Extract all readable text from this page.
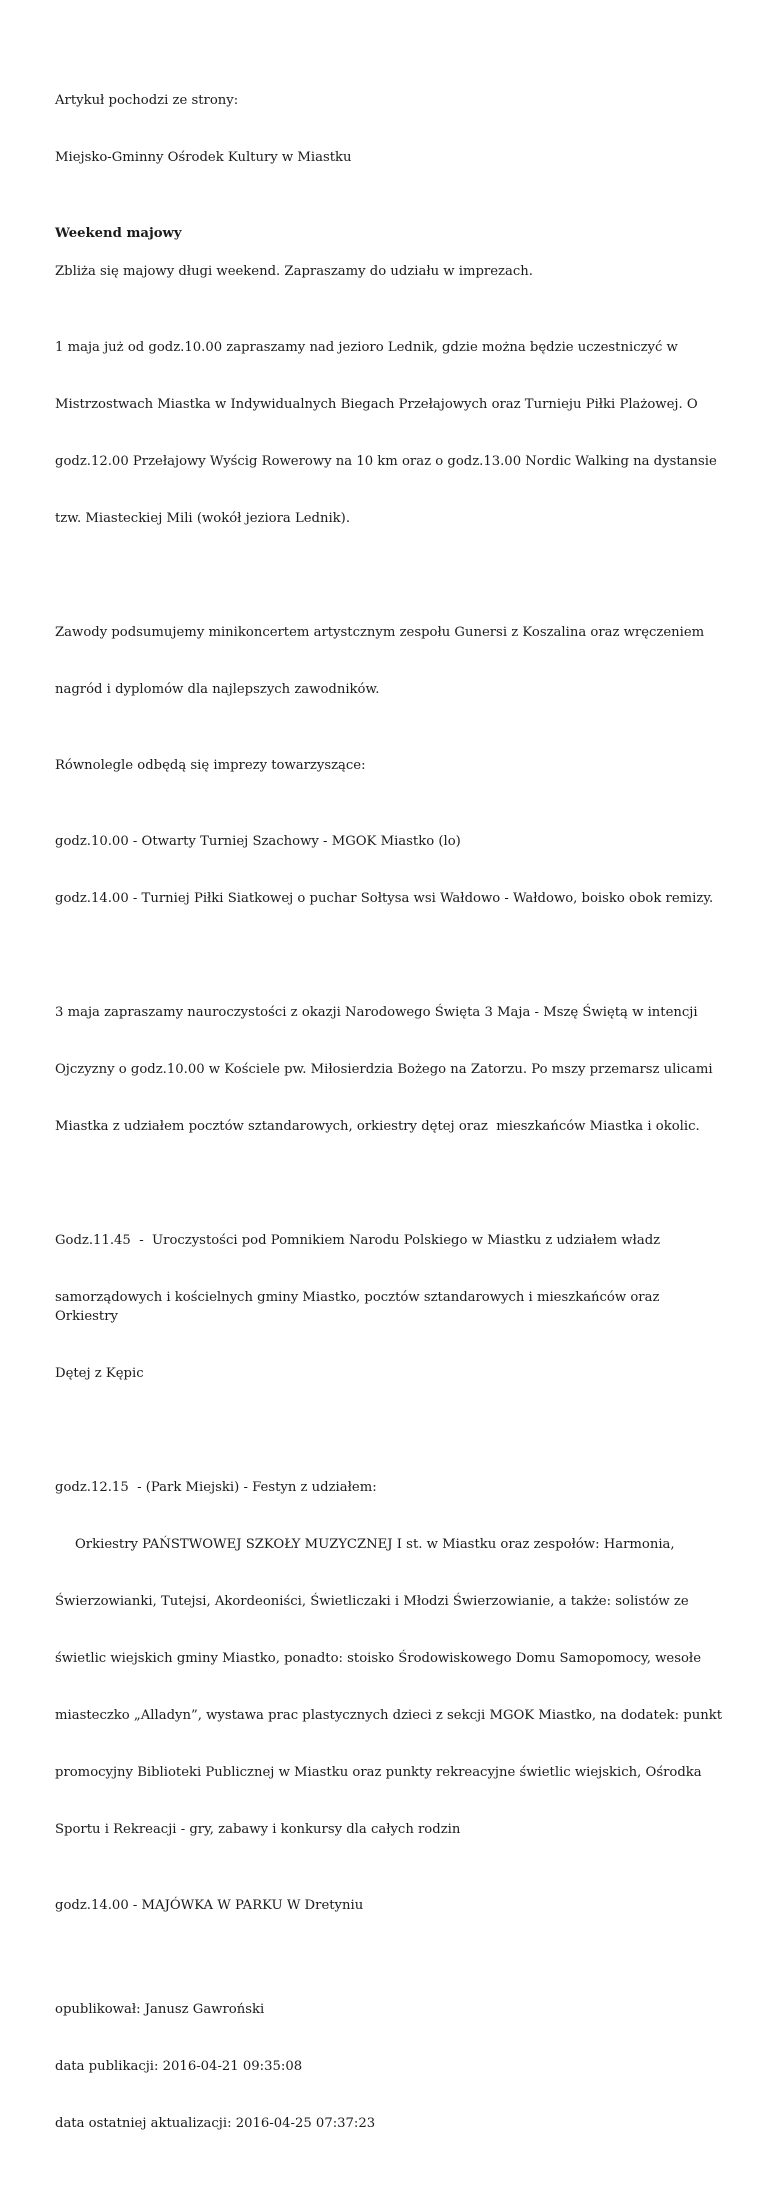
Artykuł pochodzi ze strony:

Miejsko-Gminny Ośrodek Kultury w Miastku

Weekend majowy

Zbliża się majowy długi weekend. Zapraszamy do udziału w imprezach.

1 maja już od godz.10.00 zapraszamy nad jezioro Lednik, gdzie można będzie uczestniczyć w

Mistrzostwach Miastka w Indywidualnych Biegach Przełajowych oraz Turnieju Piłki Plażowej. O

godz.12.00 Przełajowy Wyścig Rowerowy na 10 km oraz o godz.13.00 Nordic Walking na dystansie

tzw. Miasteckiej Mili (wokół jeziora Lednik).

Zawody podsumujemy minikoncertem artystcznym zespołu Gunersi z Koszalina oraz wręczeniem

nagród i dyplomów dla najlepszych zawodników.

Równolegle odbędą się imprezy towarzyszące:

godz.10.00 - Otwarty Turniej Szachowy - MGOK Miastko (lo)

godz.14.00 - Turniej Piłki Siatkowej o puchar Sołtysa wsi Wałdowo - Wałdowo, boisko obok remizy.

3 maja zapraszamy nauroczystości z okazji Narodowego Święta 3 Maja - Mszę Świętą w intencji

Ojczyzny o godz.10.00 w Kościele pw. Miłosierdzia Bożego na Zatorzu. Po mszy przemarsz ulicami

Miastka z udziałem pocztów sztandarowych, orkiestry dętej oraz  mieszkańców Miastka i okolic.

Godz.11.45  -  Uroczystości pod Pomnikiem Narodu Polskiego w Miastku z udziałem władz

samorządowych i kościelnych gminy Miastko, pocztów sztandarowych i mieszkańców oraz Orkiestry

Dętej z Kępic

godz.12.15  - (Park Miejski) - Festyn z udziałem:

Orkiestry PAŃSTWOWEJ SZKOŁY MUZYCZNEJ I st. w Miastku oraz zespołów: Harmonia,

Świerzowianki, Tutejsi, Akordeoniści, Świetliczaki i Młodzi Świerzowianie, a także: solistów ze

świetlic wiejskich gminy Miastko, ponadto: stoisko Środowiskowego Domu Samopomocy, wesołe

miasteczko „Alladyn”, wystawa prac plastycznych dzieci z sekcji MGOK Miastko, na dodatek: punkt

promocyjny Biblioteki Publicznej w Miastku oraz punkty rekreacyjne świetlic wiejskich, Ośrodka

Sportu i Rekreacji - gry, zabawy i konkursy dla całych rodzin

godz.14.00 - MAJÓWKA W PARKU W Dretyniu

opublikował: Janusz Gawroński

data publikacji: 2016-04-21 09:35:08

data ostatniej aktualizacji: 2016-04-25 07:37:23
